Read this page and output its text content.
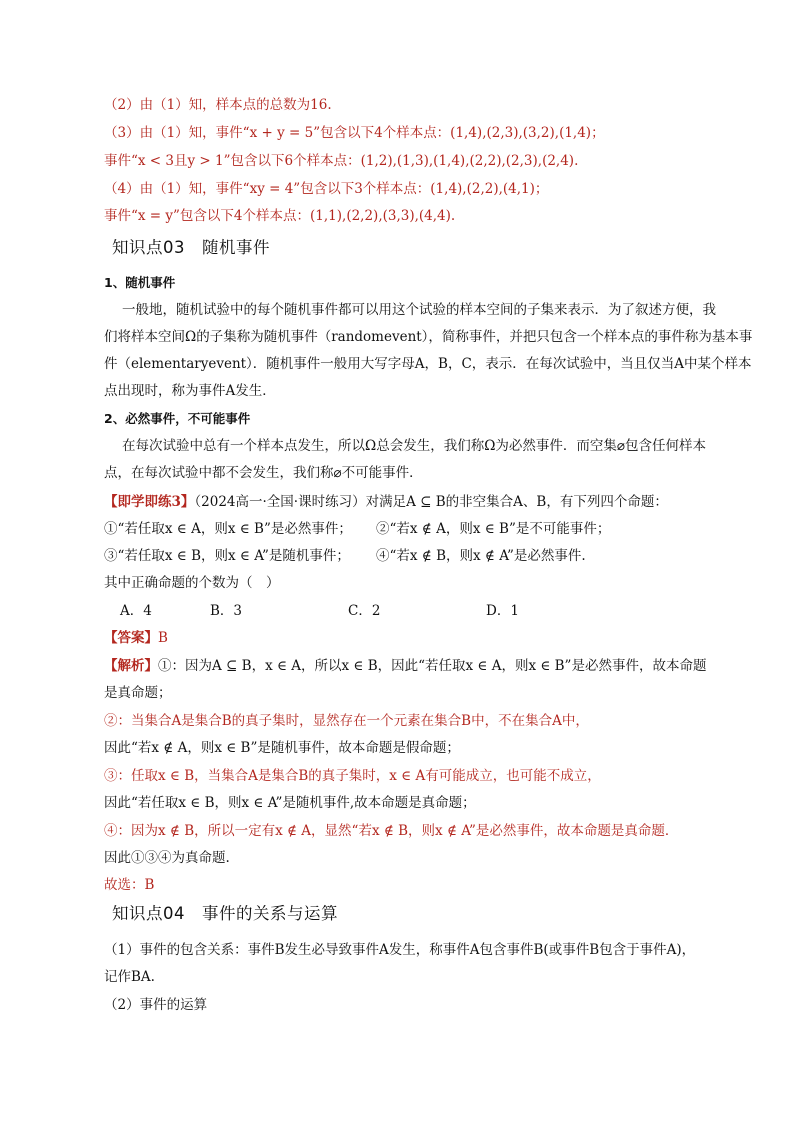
（2）由（1）知，样本点的总数为16.
（3）由（1）知，事件“x + y = 5”包含以下4个样本点：(1,4),(2,3),(3,2),(1,4)；
事件“x < 3且y > 1”包含以下6个样本点：(1,2),(1,3),(1,4),(2,2),(2,3),(2,4).
（4）由（1）知，事件“xy = 4”包含以下3个样本点：(1,4),(2,2),(4,1)；
事件“x = y”包含以下4个样本点：(1,1),(2,2),(3,3),(4,4).
知识点03　随机事件
1、随机事件
一般地，随机试验中的每个随机事件都可以用这个试验的样本空间的子集来表示．为了叙述方便，我
们将样本空间Ω的子集称为随机事件（randomevent），简称事件，并把只包含一个样本点的事件称为基本事
件（elementaryevent）．随机事件一般用大写字母A，B，C，表示．在每次试验中，当且仅当A中某个样本
点出现时，称为事件A发生．
2、必然事件，不可能事件
在每次试验中总有一个样本点发生，所以Ω总会发生，我们称Ω为必然事件．而空集⌀包含任何样本
点，在每次试验中都不会发生，我们称⌀不可能事件．
【即学即练3】（2024高一·全国·课时练习）对满足A ⊆ B的非空集合A、B，有下列四个命题：
①“若任取x ∈ A，则x ∈ B”是必然事件； ②“若x ∉ A，则x ∈ B”是不可能事件；
③“若任取x ∈ B，则x ∈ A”是随机事件； ④“若x ∉ B，则x ∉ A”是必然事件.
其中正确命题的个数为（　）
A．4	B．3	C．2	D．1
【答案】B
【解析】①：因为A ⊆ B，x ∈ A，所以x ∈ B，因此“若任取x ∈ A，则x ∈ B”是必然事件，故本命题
是真命题；
②：当集合A是集合B的真子集时，显然存在一个元素在集合B中，不在集合A中，
因此“若x ∉ A，则x ∈ B”是随机事件，故本命题是假命题；
③：任取x ∈ B，当集合A是集合B的真子集时，x ∈ A有可能成立，也可能不成立，
因此“若任取x ∈ B，则x ∈ A”是随机事件,故本命题是真命题；
④：因为x ∉ B，所以一定有x ∉ A，显然“若x ∉ B，则x ∉ A”是必然事件，故本命题是真命题．
因此①③④为真命题.
故选：B
知识点04　事件的关系与运算
（1）事件的包含关系：事件B发生必导致事件A发生，称事件A包含事件B(或事件B包含于事件A)，
记作BA.
（2）事件的运算
